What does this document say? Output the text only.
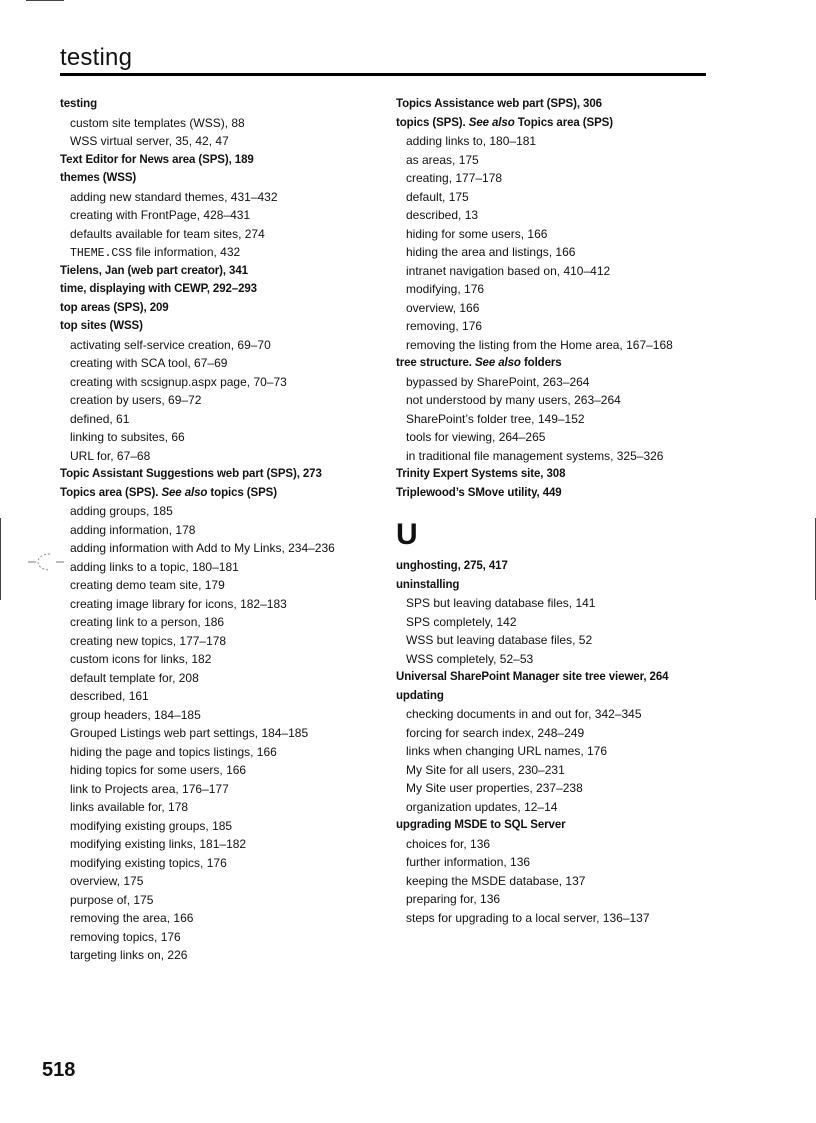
testing
testing
custom site templates (WSS), 88
WSS virtual server, 35, 42, 47
Text Editor for News area (SPS), 189
themes (WSS)
adding new standard themes, 431–432
creating with FrontPage, 428–431
defaults available for team sites, 274
THEME.CSS file information, 432
Tielens, Jan (web part creator), 341
time, displaying with CEWP, 292–293
top areas (SPS), 209
top sites (WSS)
activating self-service creation, 69–70
creating with SCA tool, 67–69
creating with scsignup.aspx page, 70–73
creation by users, 69–72
defined, 61
linking to subsites, 66
URL for, 67–68
Topic Assistant Suggestions web part (SPS), 273
Topics area (SPS). See also topics (SPS)
adding groups, 185
adding information, 178
adding information with Add to My Links, 234–236
adding links to a topic, 180–181
creating demo team site, 179
creating image library for icons, 182–183
creating link to a person, 186
creating new topics, 177–178
custom icons for links, 182
default template for, 208
described, 161
group headers, 184–185
Grouped Listings web part settings, 184–185
hiding the page and topics listings, 166
hiding topics for some users, 166
link to Projects area, 176–177
links available for, 178
modifying existing groups, 185
modifying existing links, 181–182
modifying existing topics, 176
overview, 175
purpose of, 175
removing the area, 166
removing topics, 176
targeting links on, 226
Topics Assistance web part (SPS), 306
topics (SPS). See also Topics area (SPS)
adding links to, 180–181
as areas, 175
creating, 177–178
default, 175
described, 13
hiding for some users, 166
hiding the area and listings, 166
intranet navigation based on, 410–412
modifying, 176
overview, 166
removing, 176
removing the listing from the Home area, 167–168
tree structure. See also folders
bypassed by SharePoint, 263–264
not understood by many users, 263–264
SharePoint’s folder tree, 149–152
tools for viewing, 264–265
in traditional file management systems, 325–326
Trinity Expert Systems site, 308
Triplewood’s SMove utility, 449
U
unghosting, 275, 417
uninstalling
SPS but leaving database files, 141
SPS completely, 142
WSS but leaving database files, 52
WSS completely, 52–53
Universal SharePoint Manager site tree viewer, 264
updating
checking documents in and out for, 342–345
forcing for search index, 248–249
links when changing URL names, 176
My Site for all users, 230–231
My Site user properties, 237–238
organization updates, 12–14
upgrading MSDE to SQL Server
choices for, 136
further information, 136
keeping the MSDE database, 137
preparing for, 136
steps for upgrading to a local server, 136–137
518
